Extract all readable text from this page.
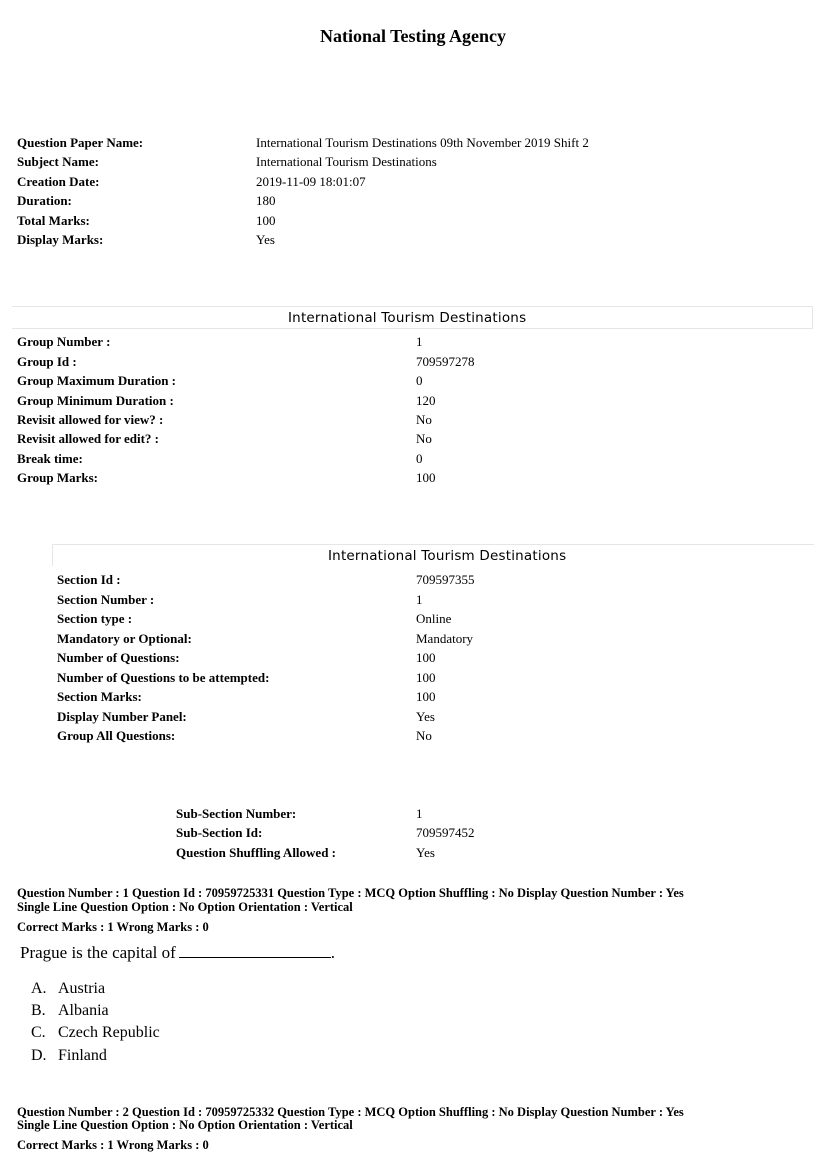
National Testing Agency
Question Paper Name:	International Tourism Destinations 09th November 2019 Shift 2
Subject Name:	International Tourism Destinations
Creation Date:	2019-11-09 18:01:07
Duration:	180
Total Marks:	100
Display Marks:	Yes
International Tourism Destinations
Group Number :	1
Group Id :	709597278
Group Maximum Duration :	0
Group Minimum Duration :	120
Revisit allowed for view? :	No
Revisit allowed for edit? :	No
Break time:	0
Group Marks:	100
International Tourism Destinations
Section Id :	709597355
Section Number :	1
Section type :	Online
Mandatory or Optional:	Mandatory
Number of Questions:	100
Number of Questions to be attempted:	100
Section Marks:	100
Display Number Panel:	Yes
Group All Questions:	No
Sub-Section Number:	1
Sub-Section Id:	709597452
Question Shuffling Allowed :	Yes
Question Number : 1 Question Id : 70959725331 Question Type : MCQ Option Shuffling : No Display Question Number : Yes
Single Line Question Option : No Option Orientation : Vertical
Correct Marks : 1 Wrong Marks : 0
Prague is the capital of	.
A. Austria
B. Albania
C. Czech Republic
D. Finland
Question Number : 2 Question Id : 70959725332 Question Type : MCQ Option Shuffling : No Display Question Number : Yes
Single Line Question Option : No Option Orientation : Vertical
Correct Marks : 1 Wrong Marks : 0
